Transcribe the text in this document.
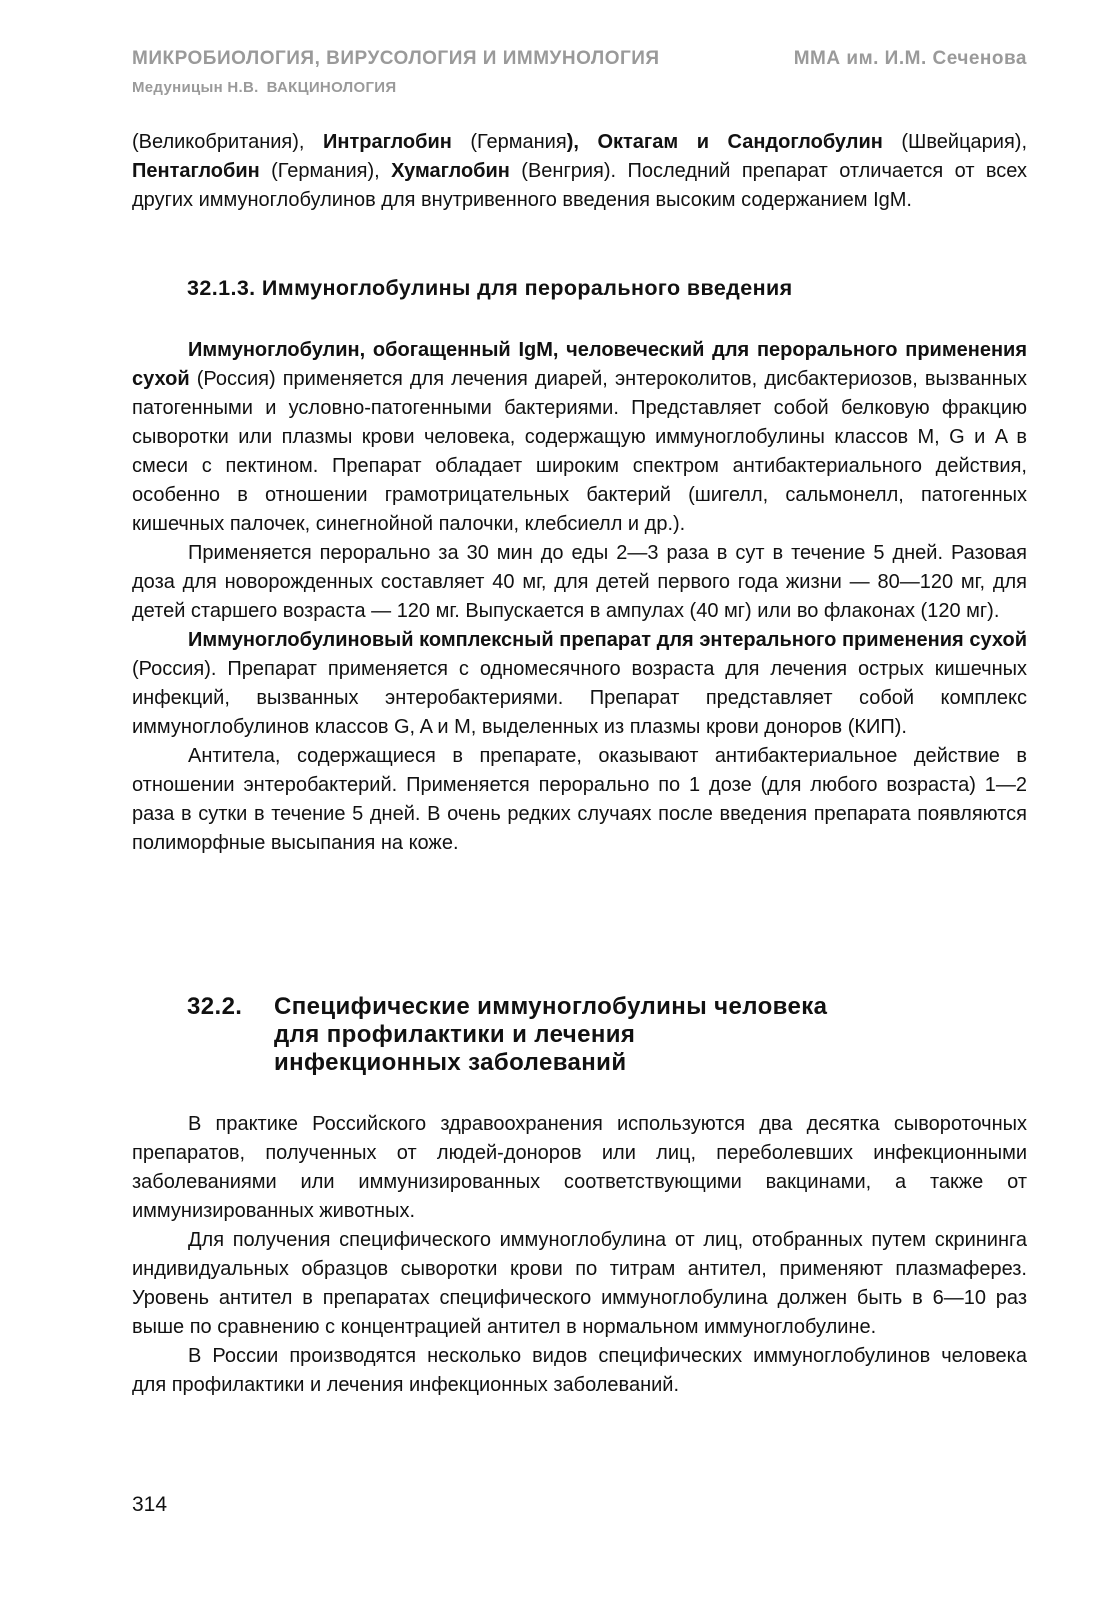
МИКРОБИОЛОГИЯ, ВИРУСОЛОГИЯ И ИММУНОЛОГИЯ	ММА им. И.М. Сеченова
Медуницын Н.В. ВАКЦИНОЛОГИЯ

(Великобритания), Интраглобин (Германия), Октагам и Сандоглобулин (Швейцария), Пентаглобин (Германия), Хумаглобин (Венгрия). Последний препарат отличается от всех других иммуноглобулинов для внутривенного введения высоким содержанием IgM.

32.1.3. Иммуноглобулины для перорального введения

Иммуноглобулин, обогащенный IgM, человеческий для перорального применения сухой (Россия) применяется для лечения диарей, энтероколитов, дисбактериозов, вызванных патогенными и условно-патогенными бактериями. Представляет собой белковую фракцию сыворотки или плазмы крови человека, содержащую иммуноглобулины классов M, G и A в смеси с пектином. Препарат обладает широким спектром антибактериального действия, особенно в отношении грамотрицательных бактерий (шигелл, сальмонелл, патогенных кишечных палочек, синегнойной палочки, клебсиелл и др.).

Применяется перорально за 30 мин до еды 2—3 раза в сут в течение 5 дней. Разовая доза для новорожденных составляет 40 мг, для детей первого года жизни — 80—120 мг, для детей старшего возраста — 120 мг. Выпускается в ампулах (40 мг) или во флаконах (120 мг).

Иммуноглобулиновый комплексный препарат для энтерального применения сухой (Россия). Препарат применяется с одномесячного возраста для лечения острых кишечных инфекций, вызванных энтеробактериями. Препарат представляет собой комплекс иммуноглобулинов классов G, A и M, выделенных из плазмы крови доноров (КИП).

Антитела, содержащиеся в препарате, оказывают антибактериальное действие в отношении энтеробактерий. Применяется перорально по 1 дозе (для любого возраста) 1—2 раза в сутки в течение 5 дней. В очень редких случаях после введения препарата появляются полиморфные высыпания на коже.

32.2. Специфические иммуноглобулины человека
для профилактики и лечения
инфекционных заболеваний

В практике Российского здравоохранения используются два десятка сывороточных препаратов, полученных от людей-доноров или лиц, переболевших инфекционными заболеваниями или иммунизированных соответствующими вакцинами, а также от иммунизированных животных.

Для получения специфического иммуноглобулина от лиц, отобранных путем скрининга индивидуальных образцов сыворотки крови по титрам антител, применяют плазмаферез. Уровень антител в препаратах специфического иммуноглобулина должен быть в 6—10 раз выше по сравнению с концентрацией антител в нормальном иммуноглобулине.

В России производятся несколько видов специфических иммуноглобулинов человека для профилактики и лечения инфекционных заболеваний.

314
